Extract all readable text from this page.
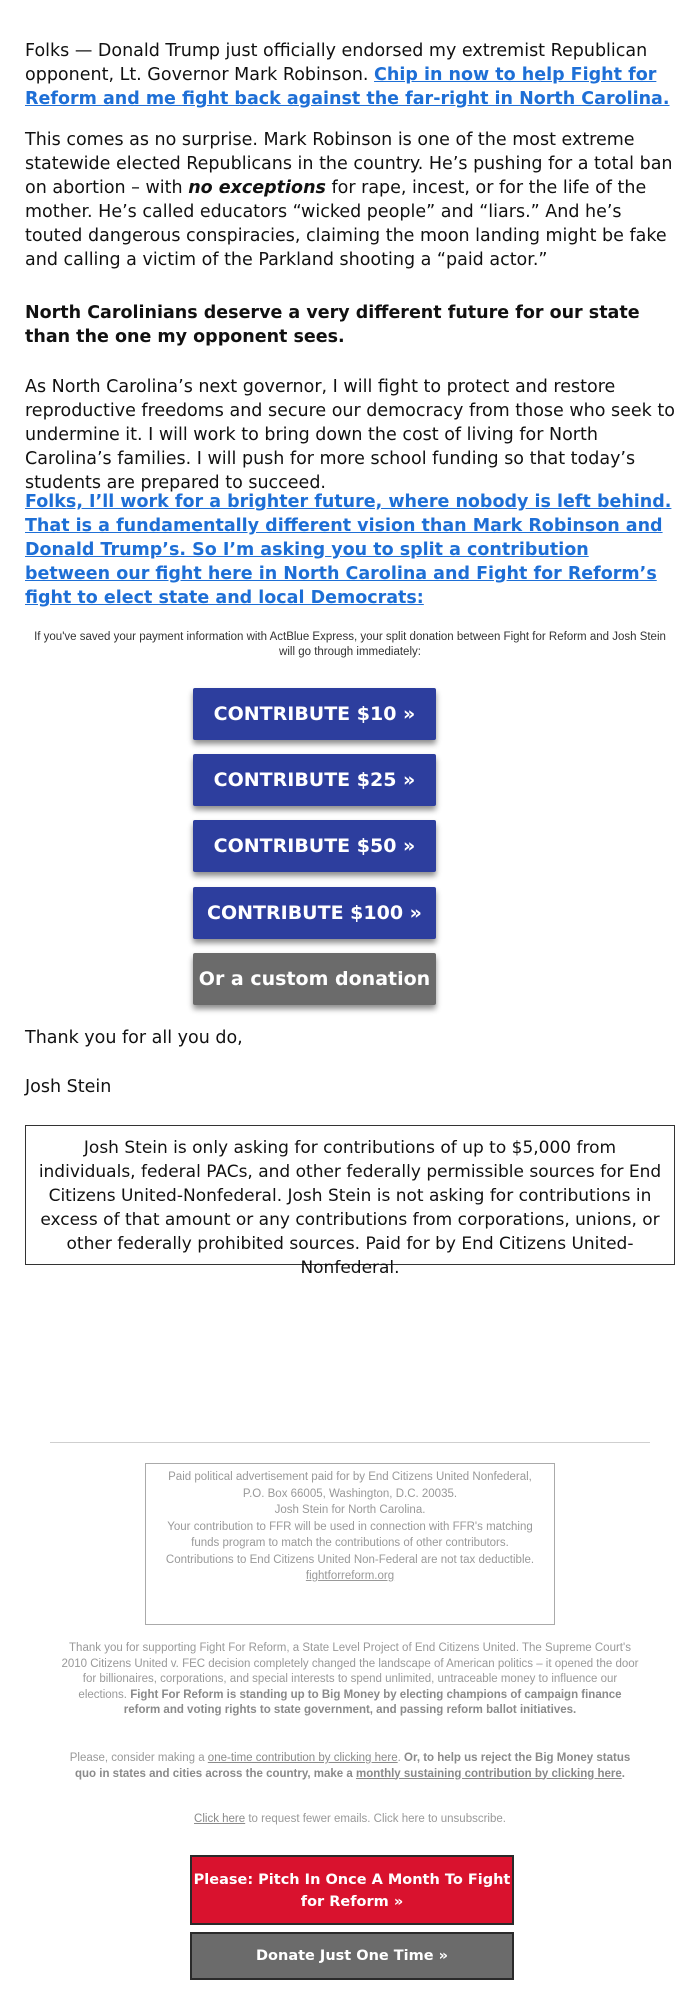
Folks — Donald Trump just officially endorsed my extremist Republican opponent, Lt. Governor Mark Robinson. Chip in now to help Fight for Reform and me fight back against the far-right in North Carolina.

This comes as no surprise. Mark Robinson is one of the most extreme statewide elected Republicans in the country. He’s pushing for a total ban on abortion – with no exceptions for rape, incest, or for the life of the mother. He’s called educators “wicked people” and “liars.” And he’s touted dangerous conspiracies, claiming the moon landing might be fake and calling a victim of the Parkland shooting a “paid actor.”

North Carolinians deserve a very different future for our state than the one my opponent sees.

As North Carolina’s next governor, I will fight to protect and restore reproductive freedoms and secure our democracy from those who seek to undermine it. I will work to bring down the cost of living for North Carolina’s families. I will push for more school funding so that today’s students are prepared to succeed.

Folks, I’ll work for a brighter future, where nobody is left behind. That is a fundamentally different vision than Mark Robinson and Donald Trump’s. So I’m asking you to split a contribution between our fight here in North Carolina and Fight for Reform’s fight to elect state and local Democrats:

If you've saved your payment information with ActBlue Express, your split donation between Fight for Reform and Josh Stein will go through immediately:
CONTRIBUTE $10 »
CONTRIBUTE $25 »
CONTRIBUTE $50 »
CONTRIBUTE $100 »
Or a custom donation »
Thank you for all you do,
Josh Stein
Josh Stein is only asking for contributions of up to $5,000 from individuals, federal PACs, and other federally permissible sources for End Citizens United-Nonfederal. Josh Stein is not asking for contributions in excess of that amount or any contributions from corporations, unions, or other federally prohibited sources. Paid for by End Citizens United-Nonfederal.
Paid political advertisement paid for by End Citizens United Nonfederal, P.O. Box 66005, Washington, D.C. 20035.
Josh Stein for North Carolina.
Your contribution to FFR will be used in connection with FFR's matching funds program to match the contributions of other contributors.
Contributions to End Citizens United Non-Federal are not tax deductible.
fightforreform.org
Thank you for supporting Fight For Reform, a State Level Project of End Citizens United. The Supreme Court's 2010 Citizens United v. FEC decision completely changed the landscape of American politics – it opened the door for billionaires, corporations, and special interests to spend unlimited, untraceable money to influence our elections. Fight For Reform is standing up to Big Money by electing champions of campaign finance reform and voting rights to state government, and passing reform ballot initiatives.
Please, consider making a one-time contribution by clicking here. Or, to help us reject the Big Money status quo in states and cities across the country, make a monthly sustaining contribution by clicking here.
Click here to request fewer emails. Click here to unsubscribe.
Please: Pitch In Once A Month To Fight for Reform »
Donate Just One Time »
